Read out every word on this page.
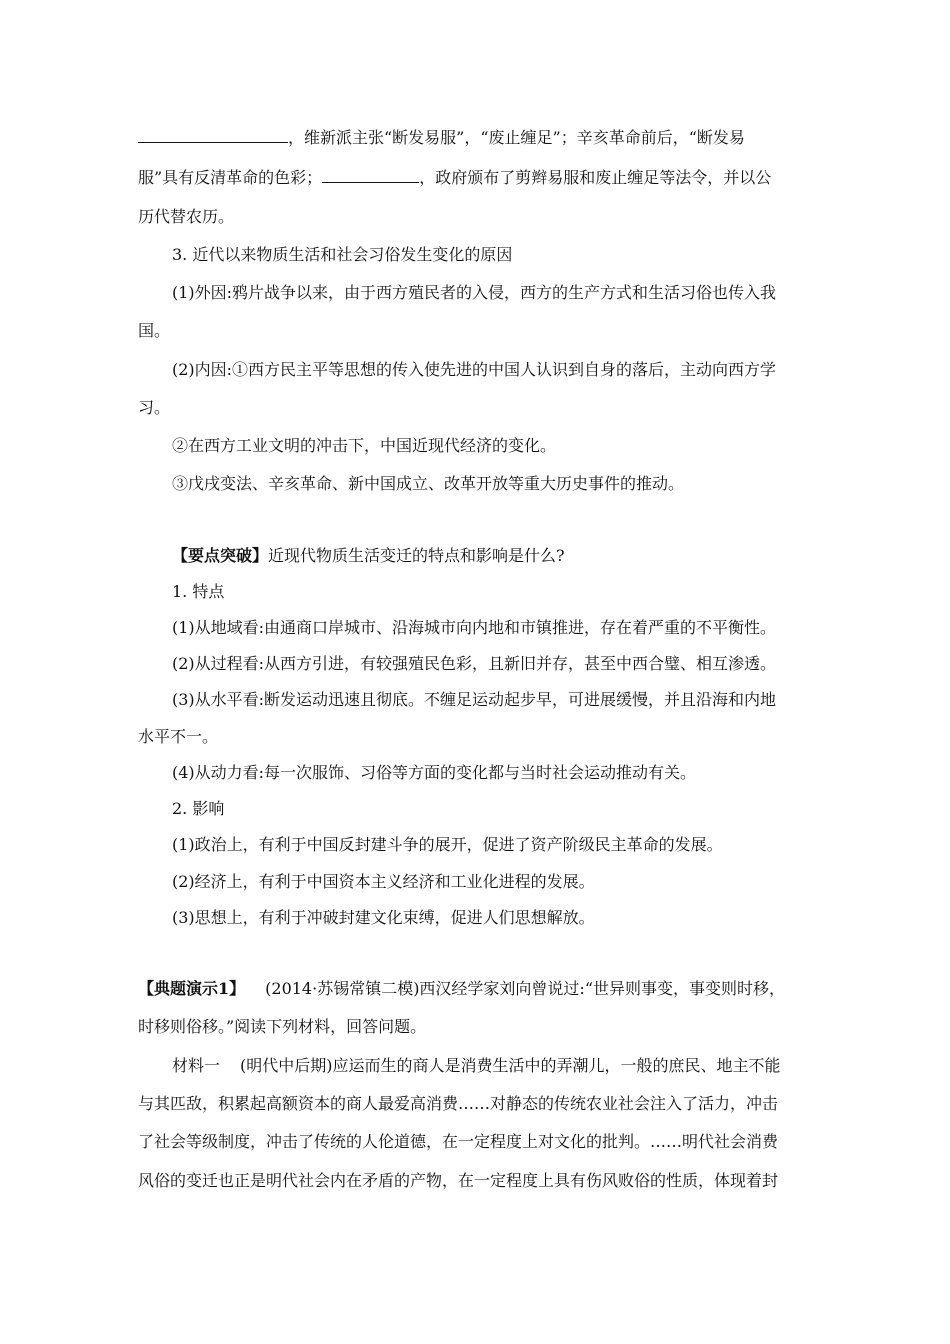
，维新派主张“断发易服”，“废止缠足”；辛亥革命前后，“断发易
服”具有反清革命的色彩；	，政府颁布了剪辫易服和废止缠足等法令，并以公
历代替农历。
3. 近代以来物质生活和社会习俗发生变化的原因
(1)外因:鸦片战争以来，由于西方殖民者的入侵，西方的生产方式和生活习俗也传入我
国。
(2)内因:①西方民主平等思想的传入使先进的中国人认识到自身的落后，主动向西方学
习。
②在西方工业文明的冲击下，中国近现代经济的变化。
③戊戌变法、辛亥革命、新中国成立、改革开放等重大历史事件的推动。
【要点突破】近现代物质生活变迁的特点和影响是什么?
1. 特点
(1)从地域看:由通商口岸城市、沿海城市向内地和市镇推进，存在着严重的不平衡性。
(2)从过程看:从西方引进，有较强殖民色彩，且新旧并存，甚至中西合璧、相互渗透。
(3)从水平看:断发运动迅速且彻底。不缠足运动起步早，可进展缓慢，并且沿海和内地
水平不一。
(4)从动力看:每一次服饰、习俗等方面的变化都与当时社会运动推动有关。
2. 影响
(1)政治上，有利于中国反封建斗争的展开，促进了资产阶级民主革命的发展。
(2)经济上，有利于中国资本主义经济和工业化进程的发展。
(3)思想上，有利于冲破封建文化束缚，促进人们思想解放。
【典题演示1】 (2014·苏锡常镇二模)西汉经学家刘向曾说过:“世异则事变，事变则时移，
时移则俗移。”阅读下列材料，回答问题。
材料一 (明代中后期)应运而生的商人是消费生活中的弄潮儿，一般的庶民、地主不能
与其匹敌，积累起高额资本的商人最爱高消费……对静态的传统农业社会注入了活力，冲击
了社会等级制度，冲击了传统的人伦道德，在一定程度上对文化的批判。……明代社会消费
风俗的变迁也正是明代社会内在矛盾的产物，在一定程度上具有伤风败俗的性质，体现着封
